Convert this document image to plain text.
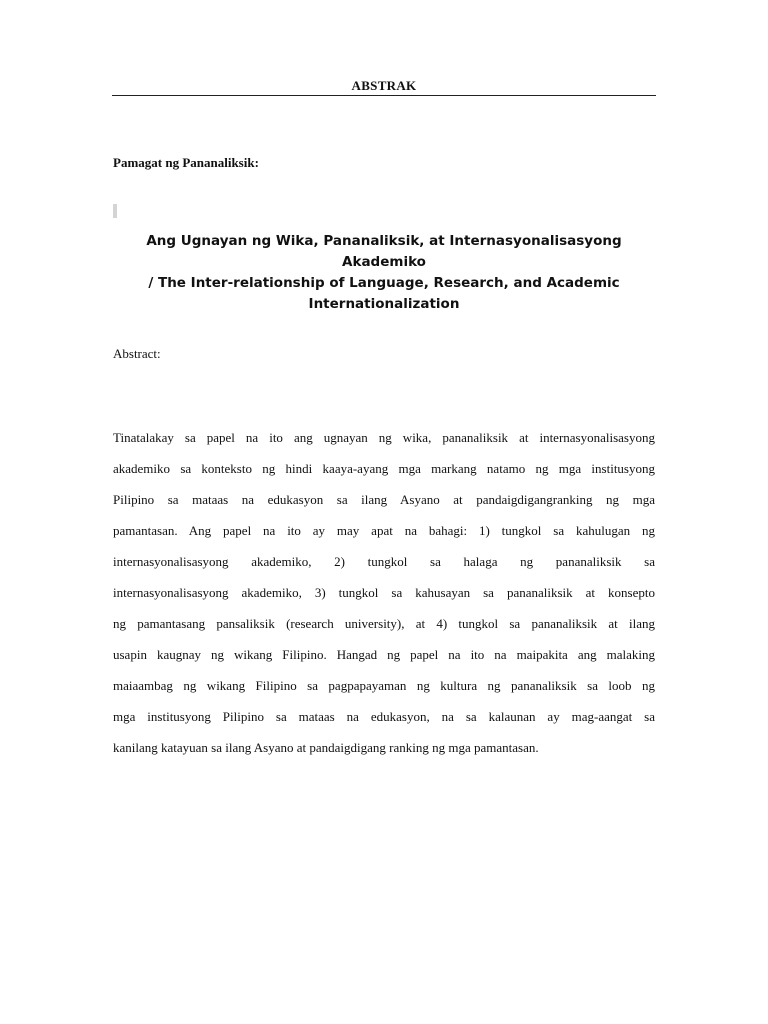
ABSTRAK
Pamagat ng Pananaliksik:
Ang Ugnayan ng Wika, Pananaliksik, at Internasyonalisasyong Akademiko
/ The Inter-relationship of Language, Research, and Academic
Internationalization
Abstract:
Tinatalakay sa papel na ito ang ugnayan ng wika, pananaliksik at internasyonalisasyong
akademiko sa konteksto ng hindi kaaya-ayang mga markang natamo ng mga institusyong
Pilipino sa mataas na edukasyon sa ilang Asyano at pandaigdigangranking ng mga
pamantasan. Ang papel na ito ay may apat na bahagi: 1) tungkol sa kahulugan ng
internasyonalisasyong akademiko, 2) tungkol sa halaga ng pananaliksik sa
internasyonalisasyong akademiko, 3) tungkol sa kahusayan sa pananaliksik at konsepto
ng pamantasang pansaliksik (research university), at 4) tungkol sa pananaliksik at ilang
usapin kaugnay ng wikang Filipino. Hangad ng papel na ito na maipakita ang malaking
maiaambag ng wikang Filipino sa pagpapayaman ng kultura ng pananaliksik sa loob ng
mga institusyong Pilipino sa mataas na edukasyon, na sa kalaunan ay mag-aangat sa
kanilang katayuan sa ilang Asyano at pandaigdigang ranking ng mga pamantasan.
